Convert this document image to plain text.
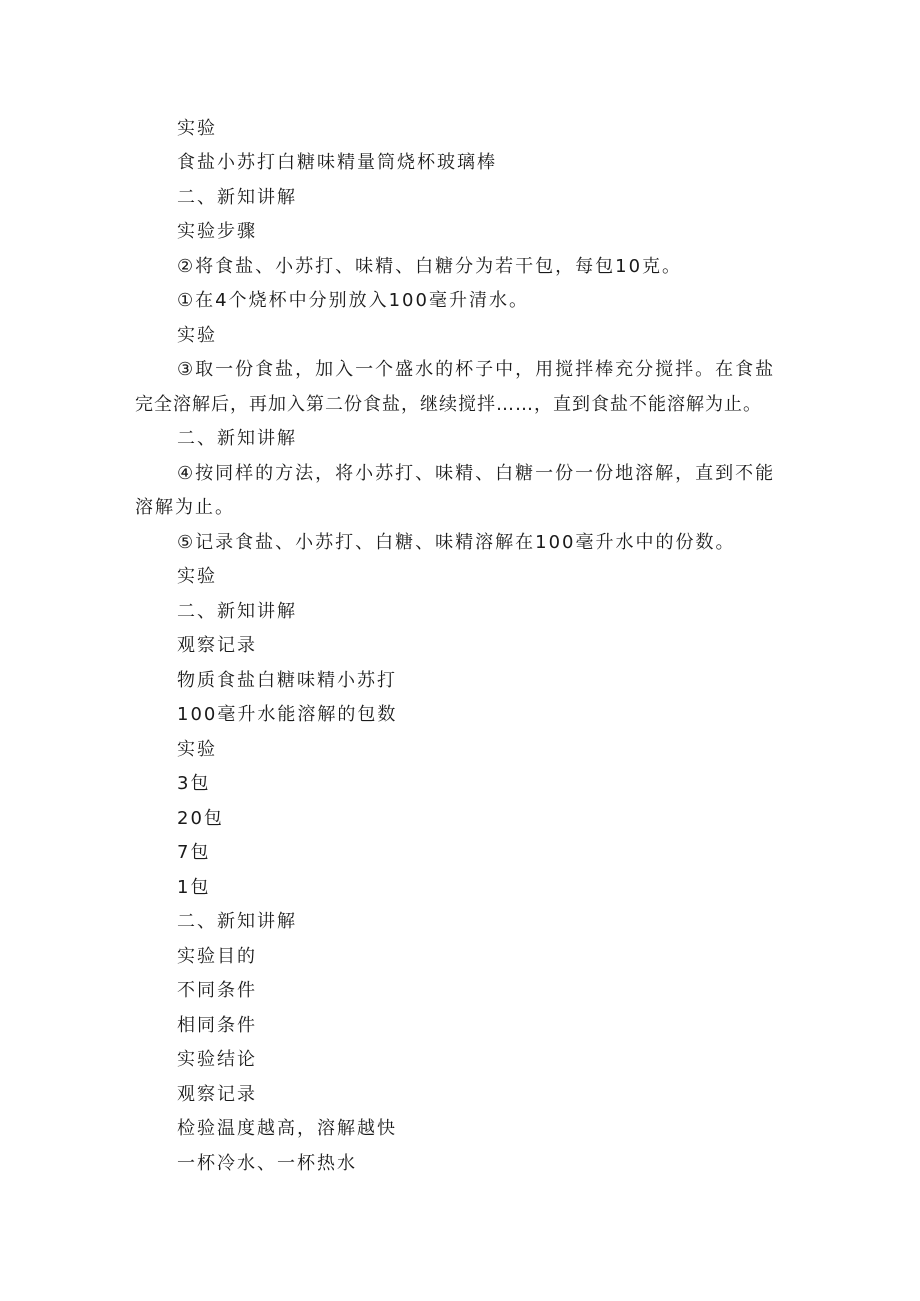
实验
食盐小苏打白糖味精量筒烧杯玻璃棒
二、新知讲解
实验步骤
②将食盐、小苏打、味精、白糖分为若干包，每包10克。
①在4个烧杯中分别放入100毫升清水。
实验
③取一份食盐，加入一个盛水的杯子中，用搅拌棒充分搅拌。在食盐
完全溶解后，再加入第二份食盐，继续搅拌……，直到食盐不能溶解为止。
二、新知讲解
④按同样的方法，将小苏打、味精、白糖一份一份地溶解，直到不能
溶解为止。
⑤记录食盐、小苏打、白糖、味精溶解在100毫升水中的份数。
实验
二、新知讲解
观察记录
物质食盐白糖味精小苏打
100毫升水能溶解的包数
实验
3包
20包
7包
1包
二、新知讲解
实验目的
不同条件
相同条件
实验结论
观察记录
检验温度越高，溶解越快
一杯冷水、一杯热水
